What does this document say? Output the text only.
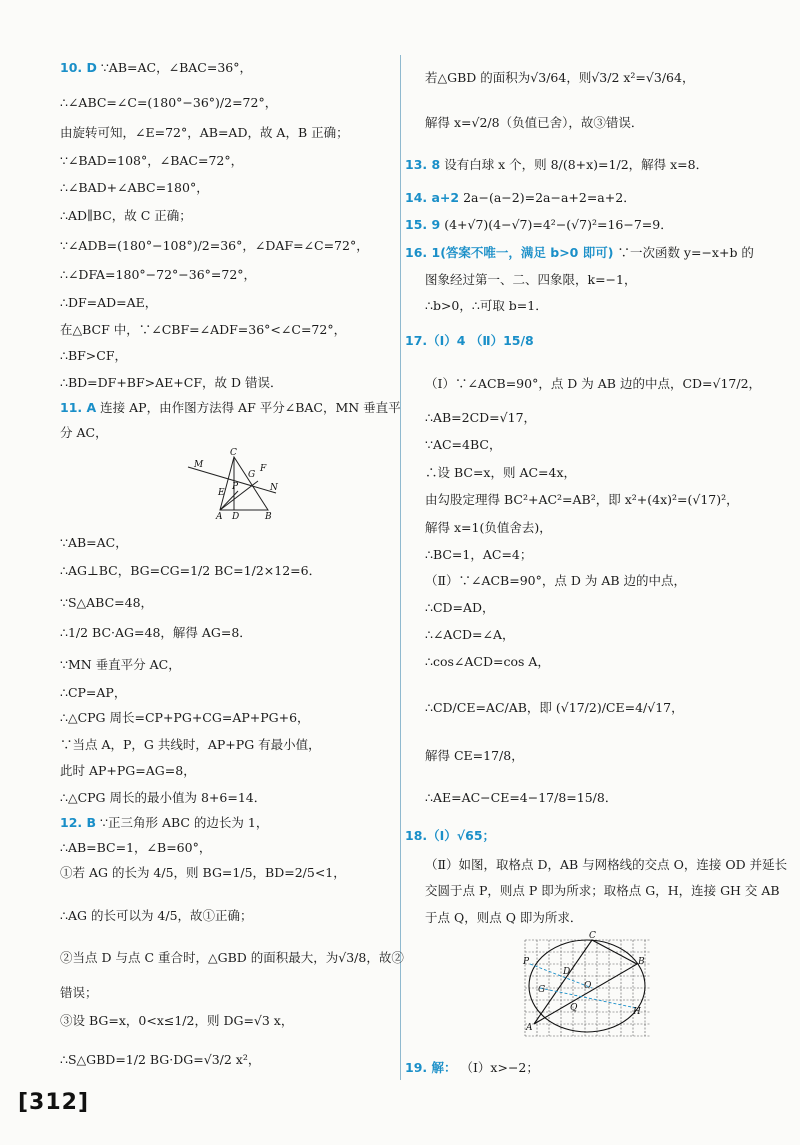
10. D ∵AB=AC，∠BAC=36°，
∴∠ABC=∠C=(180°−36°)/2=72°，
由旋转可知，∠E=72°，AB=AD，故 A，B 正确；
∵∠BAD=108°，∠BAC=72°，
∴∠BAD+∠ABC=180°，
∴AD∥BC，故 C 正确；
∵∠ADB=(180°−108°)/2=36°，∠DAF=∠C=72°，
∴∠DFA=180°−72°−36°=72°，
∴DF=AD=AE，
在△BCF 中，∵∠CBF=∠ADF=36°<∠C=72°，
∴BF>CF，
∴BD=DF+BF>AE+CF，故 D 错误．
11. A 连接 AP，由作图方法得 AF 平分∠BAC，MN 垂直平
分 AC，
∵AB=AC，
∴AG⊥BC，BG=CG=1/2 BC=1/2×12=6．
∵S△ABC=48，
∴1/2 BC·AG=48，解得 AG=8．
∵MN 垂直平分 AC，
∴CP=AP，
∴△CPG 周长=CP+PG+CG=AP+PG+6，
∵当点 A，P，G 共线时，AP+PG 有最小值，
此时 AP+PG=AG=8，
∴△CPG 周长的最小值为 8+6=14．
12. B ∵正三角形 ABC 的边长为 1，
∴AB=BC=1，∠B=60°，
①若 AG 的长为 4/5，则 BG=1/5，BD=2/5<1，
∴AG 的长可以为 4/5，故①正确；
②当点 D 与点 C 重合时，△GBD 的面积最大，为√3/8，故②
错误；
③设 BG=x，0<x≤1/2，则 DG=√3 x，
∴S△GBD=1/2 BG·DG=√3/2 x²，
若△GBD 的面积为√3/64，则√3/2 x²=√3/64，
解得 x=√2/8（负值已舍），故③错误．
13. 8 设有白球 x 个，则 8/(8+x)=1/2，解得 x=8．
14. a+2 2a−(a−2)=2a−a+2=a+2．
15. 9 (4+√7)(4−√7)=4²−(√7)²=16−7=9．
16. 1(答案不唯一，满足 b>0 即可) ∵一次函数 y=−x+b 的
图象经过第一、二、四象限，k=−1，
∴b>0，∴可取 b=1．
17.（Ⅰ）4 （Ⅱ）15/8
（Ⅰ）∵∠ACB=90°，点 D 为 AB 边的中点，CD=√17/2，
∴AB=2CD=√17，
∵AC=4BC，
∴设 BC=x，则 AC=4x，
由勾股定理得 BC²+AC²=AB²，即 x²+(4x)²=(√17)²，
解得 x=1(负值舍去)，
∴BC=1，AC=4；
（Ⅱ）∵∠ACB=90°，点 D 为 AB 边的中点，
∴CD=AD，
∴∠ACD=∠A，
∴cos∠ACD=cos A，
∴CD/CE=AC/AB，即 (√17/2)/CE=4/√17，
解得 CE=17/8，
∴AE=AC−CE=4−17/8=15/8．
18.（Ⅰ）√65；
（Ⅱ）如图，取格点 D，AB 与网格线的交点 O，连接 OD 并延长
交圆于点 P，则点 P 即为所求；取格点 G，H，连接 GH 交 AB
于点 Q，则点 Q 即为所求．
19. 解： （Ⅰ）x>−2；
C
M
G
F
E
P	N
A D	B
C
P
D
B
G	O
Q	H
A
[312]
